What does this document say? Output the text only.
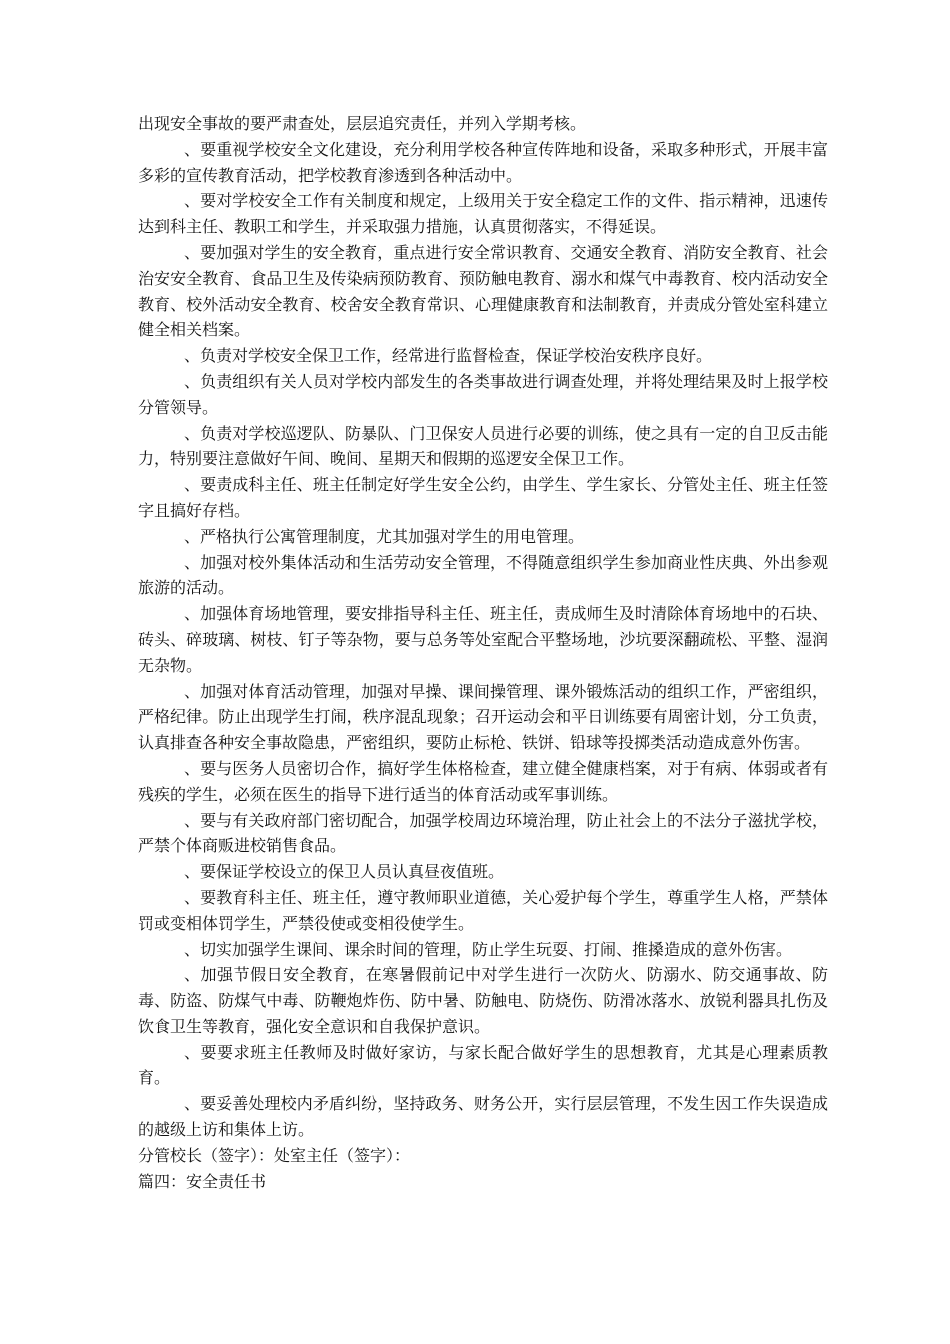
出现安全事故的要严肃查处，层层追究责任，并列入学期考核。

、要重视学校安全文化建设，充分利用学校各种宣传阵地和设备，采取多种形式，开展丰富多彩的宣传教育活动，把学校教育渗透到各种活动中。

、要对学校安全工作有关制度和规定，上级用关于安全稳定工作的文件、指示精神，迅速传达到科主任、教职工和学生，并采取强力措施，认真贯彻落实，不得延误。

、要加强对学生的安全教育，重点进行安全常识教育、交通安全教育、消防安全教育、社会治安安全教育、食品卫生及传染病预防教育、预防触电教育、溺水和煤气中毒教育、校内活动安全教育、校外活动安全教育、校舍安全教育常识、心理健康教育和法制教育，并责成分管处室科建立健全相关档案。

、负责对学校安全保卫工作，经常进行监督检查，保证学校治安秩序良好。

、负责组织有关人员对学校内部发生的各类事故进行调查处理，并将处理结果及时上报学校分管领导。

、负责对学校巡逻队、防暴队、门卫保安人员进行必要的训练，使之具有一定的自卫反击能力，特别要注意做好午间、晚间、星期天和假期的巡逻安全保卫工作。

、要责成科主任、班主任制定好学生安全公约，由学生、学生家长、分管处主任、班主任签字且搞好存档。

、严格执行公寓管理制度，尤其加强对学生的用电管理。

、加强对校外集体活动和生活劳动安全管理，不得随意组织学生参加商业性庆典、外出参观旅游的活动。

、加强体育场地管理，要安排指导科主任、班主任，责成师生及时清除体育场地中的石块、砖头、碎玻璃、树枝、钉子等杂物，要与总务等处室配合平整场地，沙坑要深翻疏松、平整、湿润无杂物。

、加强对体育活动管理，加强对早操、课间操管理、课外锻炼活动的组织工作，严密组织，严格纪律。防止出现学生打闹，秩序混乱现象；召开运动会和平日训练要有周密计划，分工负责，认真排查各种安全事故隐患，严密组织，要防止标枪、铁饼、铅球等投掷类活动造成意外伤害。

、要与医务人员密切合作，搞好学生体格检查，建立健全健康档案，对于有病、体弱或者有残疾的学生，必须在医生的指导下进行适当的体育活动或军事训练。

、要与有关政府部门密切配合，加强学校周边环境治理，防止社会上的不法分子滋扰学校，严禁个体商贩进校销售食品。

、要保证学校设立的保卫人员认真昼夜值班。

、要教育科主任、班主任，遵守教师职业道德，关心爱护每个学生，尊重学生人格，严禁体罚或变相体罚学生，严禁役使或变相役使学生。

、切实加强学生课间、课余时间的管理，防止学生玩耍、打闹、推搡造成的意外伤害。

、加强节假日安全教育，在寒暑假前记中对学生进行一次防火、防溺水、防交通事故、防毒、防盗、防煤气中毒、防鞭炮炸伤、防中暑、防触电、防烧伤、防滑冰落水、放锐利器具扎伤及饮食卫生等教育，强化安全意识和自我保护意识。

、要要求班主任教师及时做好家访，与家长配合做好学生的思想教育，尤其是心理素质教育。

、要妥善处理校内矛盾纠纷，坚持政务、财务公开，实行层层管理，不发生因工作失误造成的越级上访和集体上访。

分管校长（签字）：处室主任（签字）：

篇四：安全责任书
